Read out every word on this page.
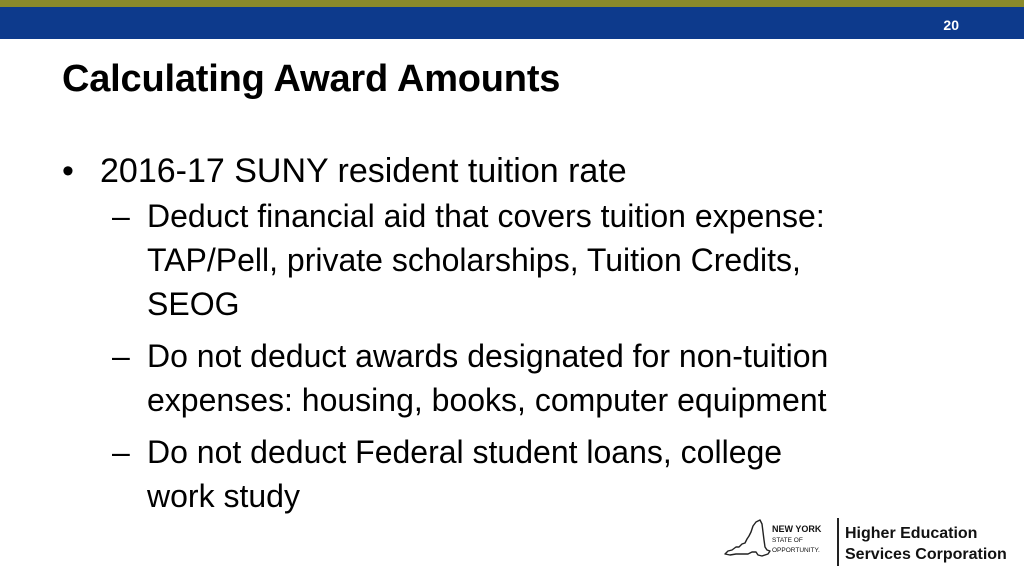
20
Calculating Award Amounts
• 2016-17 SUNY resident tuition rate
– Deduct financial aid that covers tuition expense:
TAP/Pell, private scholarships, Tuition Credits,
SEOG
– Do not deduct awards designated for non-tuition
expenses: housing, books, computer equipment
– Do not deduct Federal student loans, college
work study
NEW YORK
STATE OF
OPPORTUNITY.
Higher Education
Services Corporation
